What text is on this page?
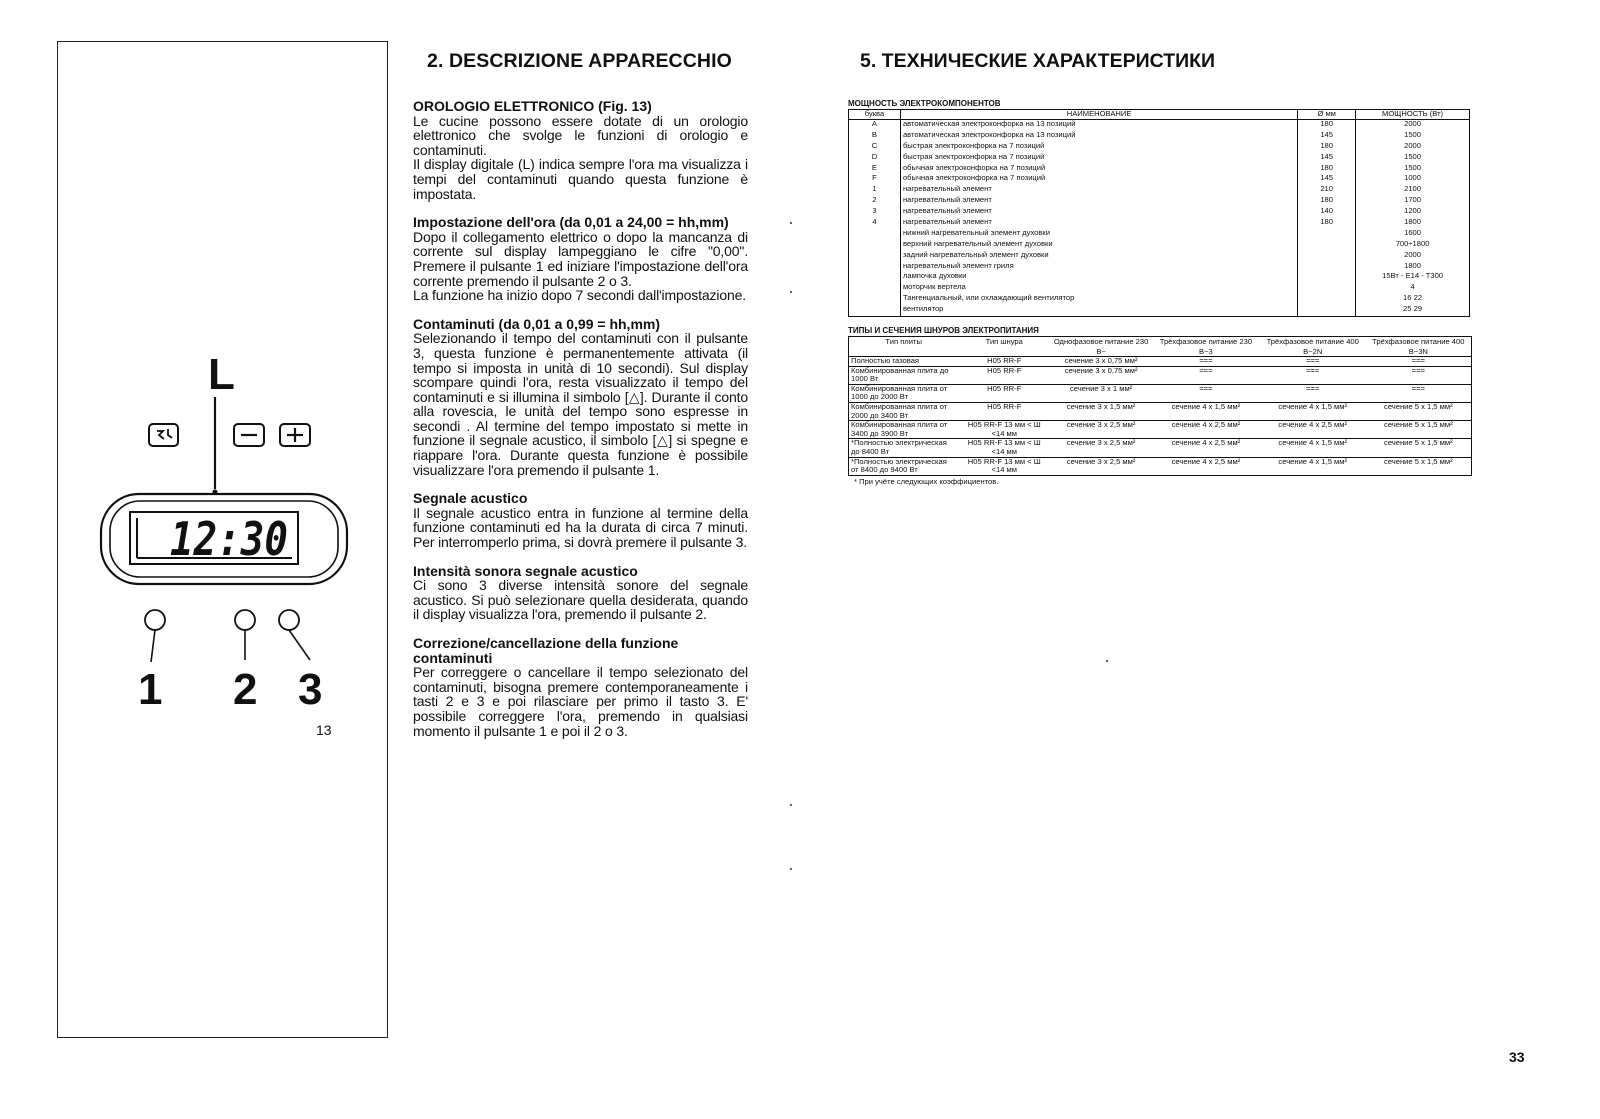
L
12:30
1 2 3
13
2. DESCRIZIONE APPARECCHIO
OROLOGIO ELETTRONICO (Fig. 13)

Le cucine possono essere dotate di un orologio elettronico che svolge le funzioni di orologio e contaminuti.

Il display digitale (L) indica sempre l'ora ma visualizza i tempi del contaminuti quando questa funzione è impostata.

Impostazione dell'ora (da 0,01 a 24,00 = hh,mm)

Dopo il collegamento elettrico o dopo la mancanza di corrente sul display lampeggiano le cifre "0,00". Premere il pulsante 1 ed iniziare l'impostazione dell'ora corrente premendo il pulsante 2 o 3.

La funzione ha inizio dopo 7 secondi dall'impostazione.

Contaminuti (da 0,01 a 0,99 = hh,mm)

Selezionando il tempo del contaminuti con il pulsante 3, questa funzione è permanentemente attivata (il tempo si imposta in unità di 10 secondi). Sul display scompare quindi l'ora, resta visualizzato il tempo del contaminuti e si illumina il simbolo [△]. Durante il conto alla rovescia, le unità del tempo sono espresse in secondi . Al termine del tempo impostato si mette in funzione il segnale acustico, il simbolo [△] si spegne e riappare l'ora. Durante questa funzione è possibile visualizzare l'ora premendo il pulsante 1.

Segnale acustico

Il segnale acustico entra in funzione al termine della funzione contaminuti ed ha la durata di circa 7 minuti. Per interromperlo prima, si dovrà premere il pulsante 3.

Intensità sonora segnale acustico

Ci sono 3 diverse intensità sonore del segnale acustico. Si può selezionare quella desiderata, quando il display visualizza l'ora, premendo il pulsante 2.

Correzione/cancellazione della funzione contaminuti

Per correggere o cancellare il tempo selezionato del contaminuti, bisogna premere contemporaneamente i tasti 2 e 3 e poi rilasciare per primo il tasto 3. E' possibile correggere l'ora, premendo in qualsiasi momento il pulsante 1 e poi il 2 o 3.

5. ТЕХНИЧЕСКИЕ ХАРАКТЕРИСТИКИ
МОЩНОСТЬ ЭЛЕКТРОКОМПОНЕНТОВ
буква	НАИМЕНОВАНИЕ	Ø мм	МОЩНОСТЬ (Вт)
A	автоматическая электроконфорка на 13 позиций	180	2000
B	автоматическая электроконфорка на 13 позиций	145	1500
C	быстрая электроконфорка на 7 позиций	180	2000
D	быстрая электроконфорка на 7 позиций	145	1500
E	обычная электроконфорка на 7 позиций	180	1500
F	обычная электроконфорка на 7 позиций	145	1000
1	нагревательный элемент	210	2100
2	нагревательный элемент	180	1700
3	нагревательный элемент	140	1200
4	нагревательный элемент	180	1800
	нижний нагревательный элемент духовки		1600
	верхний нагревательный элемент духовки		700÷1800
	задний нагревательный элемент духовки		2000
	нагревательный элемент гриля		1800
	лампочка духовки		15Вт - E14 - T300
	моторчик вертела		4
	Тангенциальный, или охлаждающий вентилятор		16 22
	вентилятор		25 29
ТИПЫ И СЕЧЕНИЯ ШНУРОВ ЭЛЕКТРОПИТАНИЯ
Тип плиты	Тип шнура	Однофазовое питание 230 В~	Трёхфазовое питание 230 В~3	Трёхфазовое питание 400 В~2N	Трёхфазовое питание 400 В~3N
Полностью газовая	H05 RR-F	сечение 3 x 0,75 мм²	===	===	===
Комбинированная плита до 1000 Вт	H05 RR-F	сечение 3 x 0,75 мм²	===	===	===
Комбинированная плита от 1000 до 2000 Вт	H05 RR-F	сечение 3 x 1 мм²	===	===	===
Комбинированная плита от 2000 до 3400 Вт	H05 RR-F	сечение 3 x 1,5 мм²	сечение 4 x 1,5 мм²	сечение 4 x 1,5 мм²	сечение 5 x 1,5 мм²
Комбинированная плита от 3400 до 3900 Вт	H05 RR-F 13 мм < Ш <14 мм	сечение 3 x 2,5 мм²	сечение 4 x 2,5 мм²	сечение 4 x 2,5 мм²	сечение 5 x 1,5 мм²
*Полностью электрическая до 8400 Вт	H05 RR-F 13 мм < Ш <14 мм	сечение 3 x 2,5 мм²	сечение 4 x 2,5 мм²	сечение 4 x 1,5 мм²	сечение 5 x 1,5 мм²
*Полностью электрическая от 8400 до 9400 Вт	H05 RR-F 13 мм < Ш <14 мм	сечение 3 x 2,5 мм²	сечение 4 x 2,5 мм²	сечение 4 x 1,5 мм²	сечение 5 x 1,5 мм²
* При учёте следующих коэффициентов.
33
